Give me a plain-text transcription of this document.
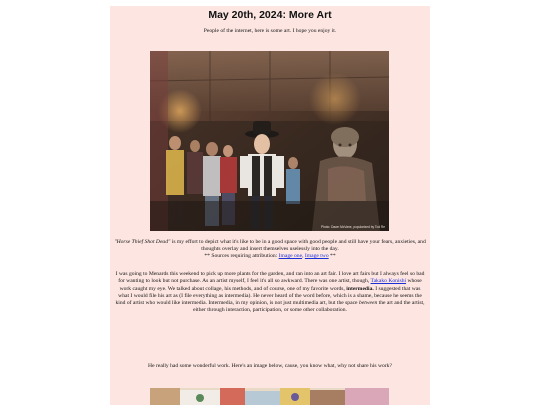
May 20th, 2024: More Art
People of the internet, here is some art. I hope you enjoy it.
Photo: Dawn McVane, popularized by Tod Re
"Horse Thief Shot Dead" is my effort to depict what it's like to be in a good space with good people and still have your fears, anxieties, and thoughts overlay and insert themselves uselessly into the day.
** Sources requiring attribution: Image one, Image two **
I was going to Menards this weekend to pick up more plants for the garden, and ran into an art fair. I love art fairs but I always feel so bad for wanting to look but not purchase. As an artist myself, I feel it's all so awkward. There was one artist, though, Takako Konishi whose work caught my eye. We talked about collage, his methods, and of course, one of my favorite words, intermedia. I suggested that was what I would file his art as (I file everything as intermedia). He never heard of the word before, which is a shame, because he seems the kind of artist who would like intermedia. Intermedia, in my opinion, is not just multimedia art, but the space between the art and the artist, either through interaction, participation, or some other collaboration.
He really had some wonderful work. Here's an image below, cause, you know what, why not share his work?
